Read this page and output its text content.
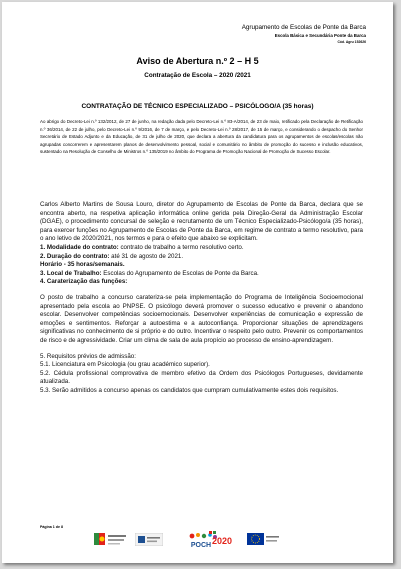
Agrupamento de Escolas de Ponte da Barca
Escola Básica e Secundária Ponte da Barca
Cód. Agru 152626
Aviso de Abertura n.º 2 – H 5
Contratação de Escola – 2020 /2021
CONTRATAÇÃO DE TÉCNICO ESPECIALIZADO – PSICÓLOGO/A (35 horas)
Ao abrigo do Decreto-Lei n.º 132/2012, de 27 de junho, na redação dada pelo Decreto-Lei n.º 83-A/2014, de 23 de maio, retificado pela Declaração de Retificação n.º 36/2014, de 22 de julho, pelo Decreto-Lei n.º 9/2016, de 7 de março, e pelo Decreto-Lei n.º 28/2017, de 15 de março, e considerando o despacho do Senhor Secretário de Estado Adjunto e da Educação, de 31 de julho de 2020, que declara a abertura da candidatura para os agrupamentos de escolas/escolas não agrupadas concorrerem e apresentarem planos de desenvolvimento pessoal, social e comunitário no âmbito de promoção do sucesso e inclusão educativos, sustentado na Resolução de Conselho de Ministros n.º 135/2019 no âmbito do Programa de Promoção Nacional de Promoção de Sucesso Escolar.

Carlos Alberto Martins de Sousa Louro, diretor do Agrupamento de Escolas de Ponte da Barca, declara que se encontra aberto, na respetiva aplicação informática online gerida pela Direção-Geral da Administração Escolar (DGAE), o procedimento concursal de seleção e recrutamento de um Técnico Especializado-Psicólogo/a (35 horas), para exercer funções no Agrupamento de Escolas de Ponte da Barca, em regime de contrato a termo resolutivo, para o ano letivo de 2020/2021, nos termos e para o efeito que abaixo se explicitam.

1. Modalidade do contrato: contrato de trabalho a termo resolutivo certo.

2. Duração do contrato: até 31 de agosto de 2021.

Horário - 35 horas/semanais.

3. Local de Trabalho: Escolas do Agrupamento de Escolas de Ponte da Barca.

4. Caraterização das funções:

O posto de trabalho a concurso carateriza-se pela implementação do Programa de Inteligência Socioemocional apresentado pela escola ao PNPSE. O psicólogo deverá promover o sucesso educativo e prevenir o abandono escolar. Desenvolver competências socioemocionais. Desenvolver experiências de comunicação e expressão de emoções e sentimentos. Reforçar a autoestima e a autoconfiança. Proporcionar situações de aprendizagens significativas no conhecimento de si próprio e do outro. Incentivar o respeito pelo outro. Prevenir os comportamentos de risco e de agressividade. Criar um clima de sala de aula propício ao processo de ensino-aprendizagem.

5. Requisitos prévios de admissão:

5.1. Licenciatura em Psicologia (ou grau académico superior).

5.2. Cédula profissional comprovativa de membro efetivo da Ordem dos Psicólogos Portugueses, devidamente atualizada.

5.3. Serão admitidos a concurso apenas os candidatos que cumpram cumulativamente estes dois requisitos.

Página 1 de 8
POCH 2020
